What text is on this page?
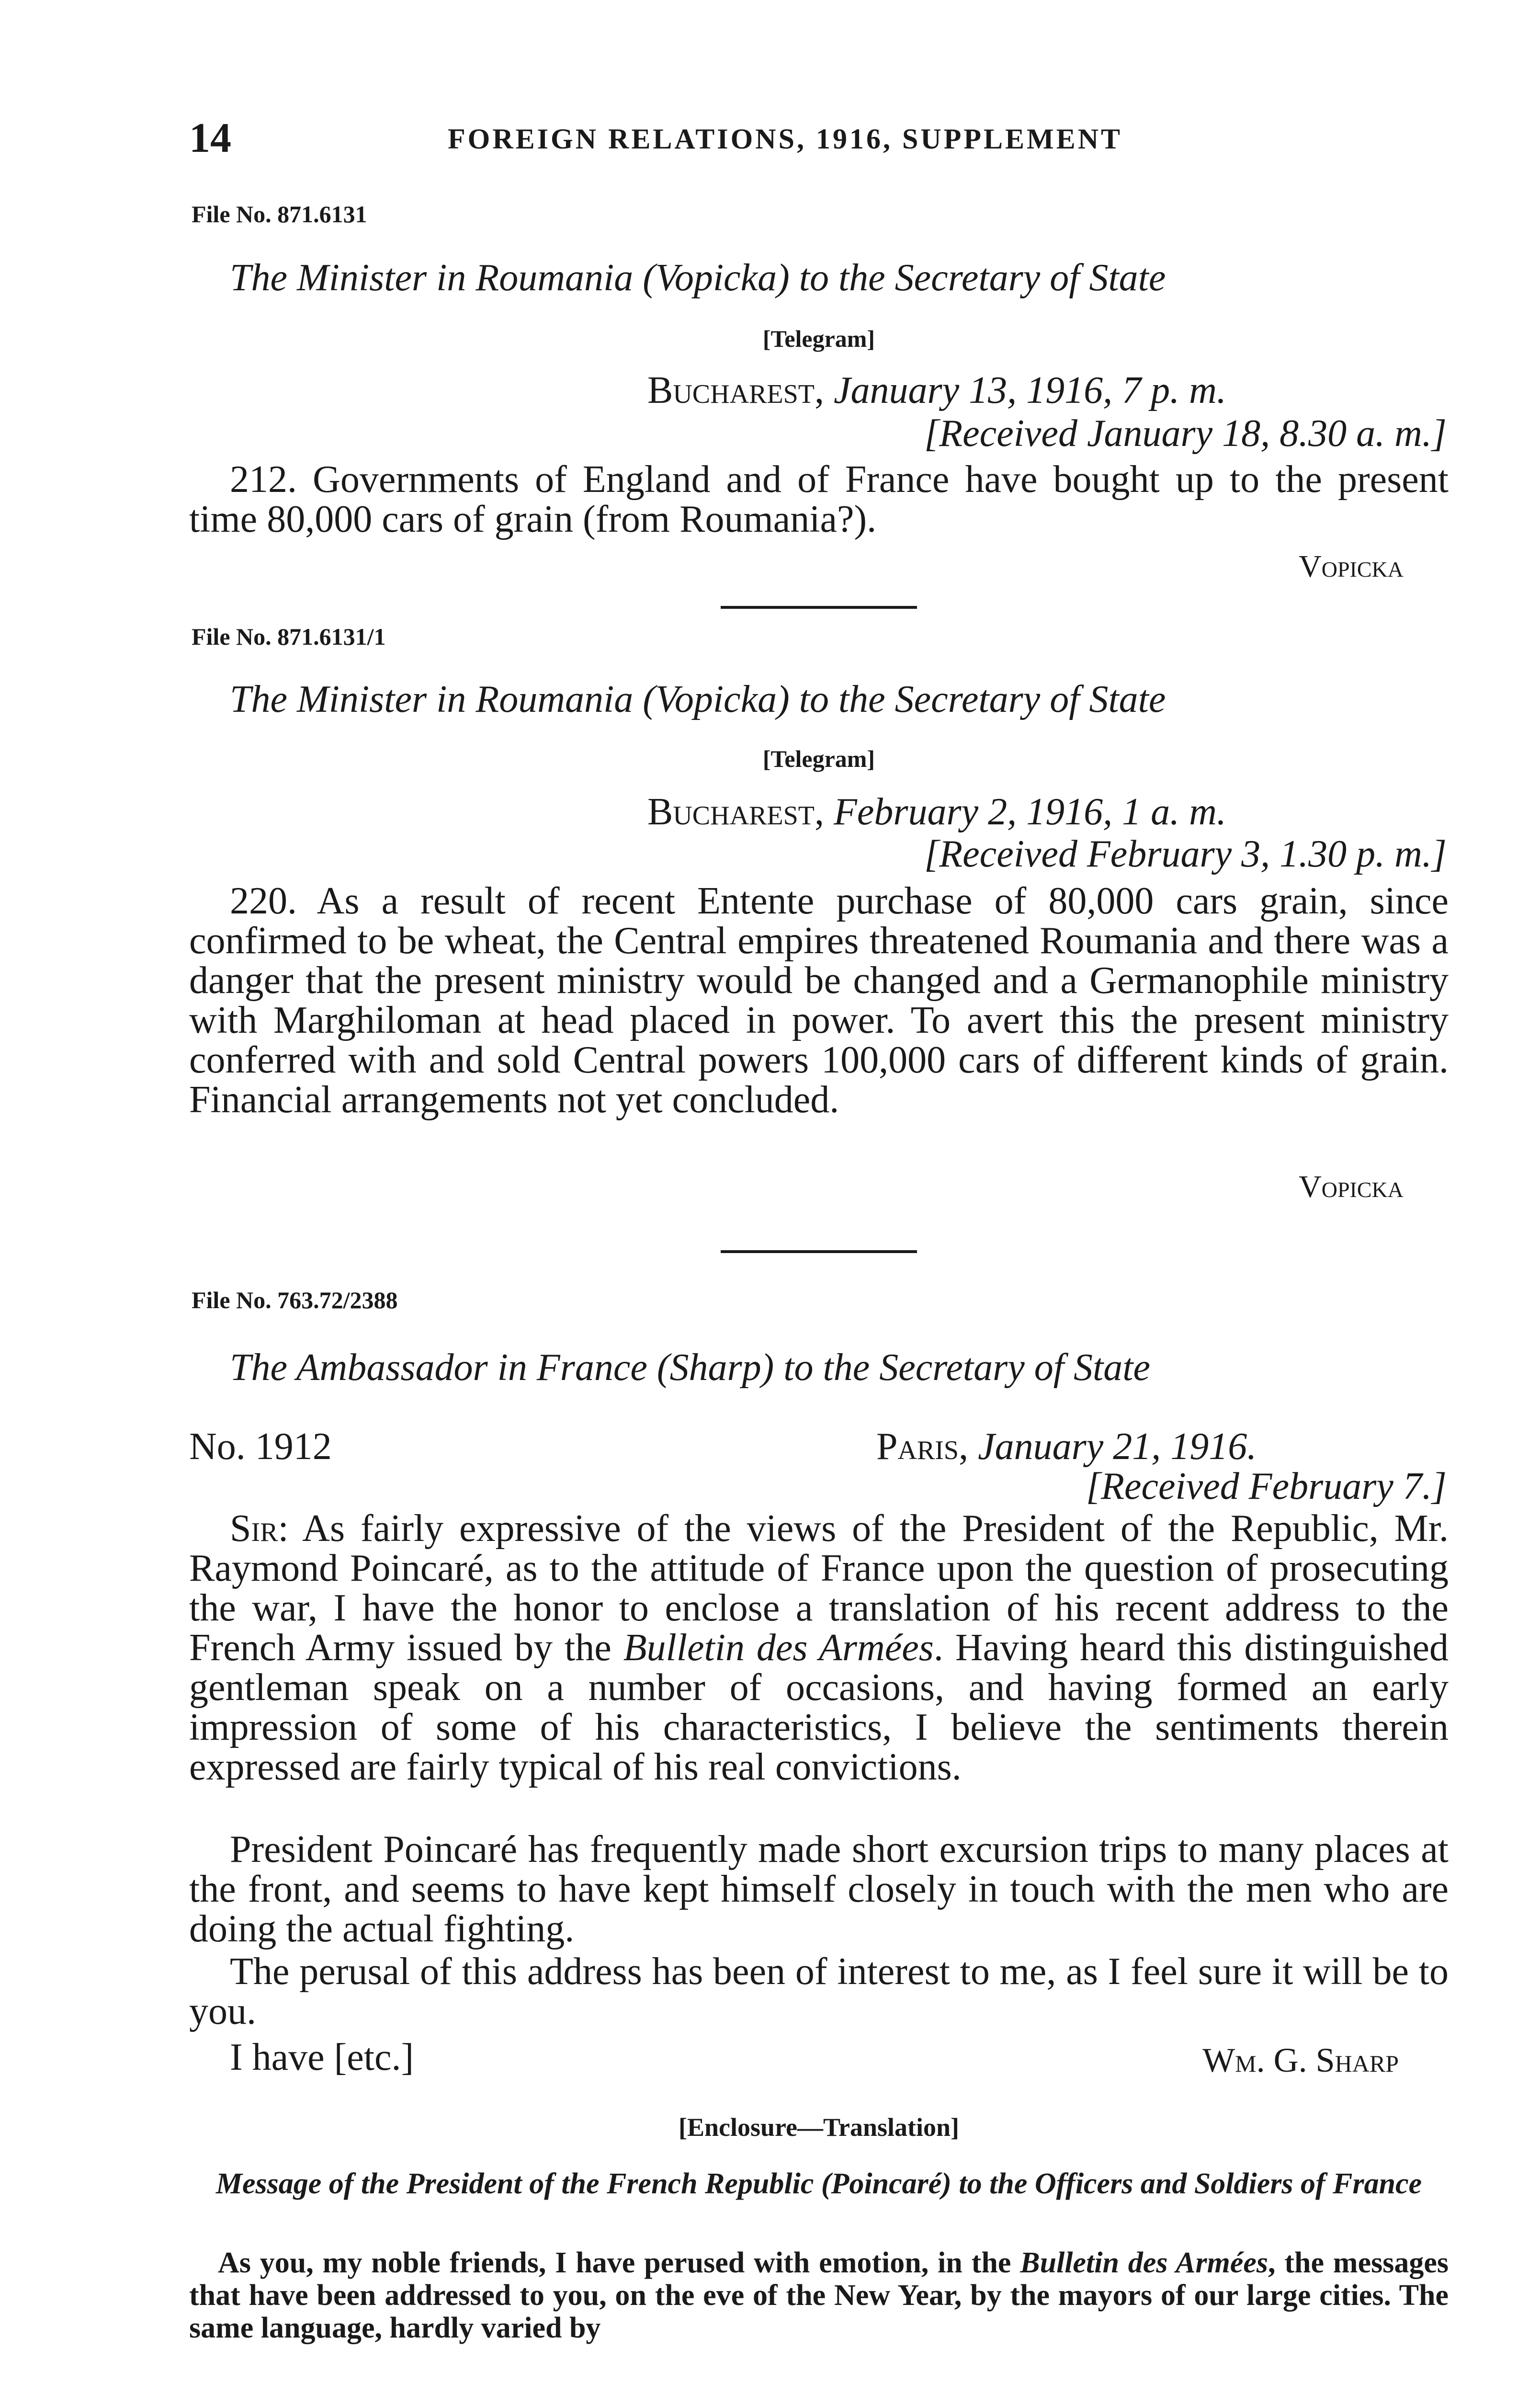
14	FOREIGN RELATIONS, 1916, SUPPLEMENT
File No. 871.6131
The Minister in Roumania (Vopicka) to the Secretary of State
[Telegram]
Bucharest, January 13, 1916, 7 p. m.
[Received January 18, 8.30 a. m.]

212. Governments of England and of France have bought up to the present time 80,000 cars of grain (from Roumania?).

Vopicka
File No. 871.6131/1
The Minister in Roumania (Vopicka) to the Secretary of State
[Telegram]
Bucharest, February 2, 1916, 1 a. m.
[Received February 3, 1.30 p. m.]

220. As a result of recent Entente purchase of 80,000 cars grain, since confirmed to be wheat, the Central empires threatened Roumania and there was a danger that the present ministry would be changed and a Germanophile ministry with Marghiloman at head placed in power. To avert this the present ministry conferred with and sold Central powers 100,000 cars of different kinds of grain. Financial arrangements not yet concluded.

Vopicka
File No. 763.72/2388
The Ambassador in France (Sharp) to the Secretary of State
No. 1912	Paris, January 21, 1916.
[Received February 7.]

Sir: As fairly expressive of the views of the President of the Republic, Mr. Raymond Poincaré, as to the attitude of France upon the question of prosecuting the war, I have the honor to enclose a translation of his recent address to the French Army issued by the Bulletin des Armées. Having heard this distinguished gentleman speak on a number of occasions, and having formed an early impression of some of his characteristics, I believe the sentiments therein expressed are fairly typical of his real convictions.

President Poincaré has frequently made short excursion trips to many places at the front, and seems to have kept himself closely in touch with the men who are doing the actual fighting.

The perusal of this address has been of interest to me, as I feel sure it will be to you.

I have [etc.]	Wm. G. Sharp
[Enclosure—Translation]
Message of the President of the French Republic (Poincaré) to the Officers and Soldiers of France

As you, my noble friends, I have perused with emotion, in the Bulletin des Armées, the messages that have been addressed to you, on the eve of the New Year, by the mayors of our large cities. The same language, hardly varied by
